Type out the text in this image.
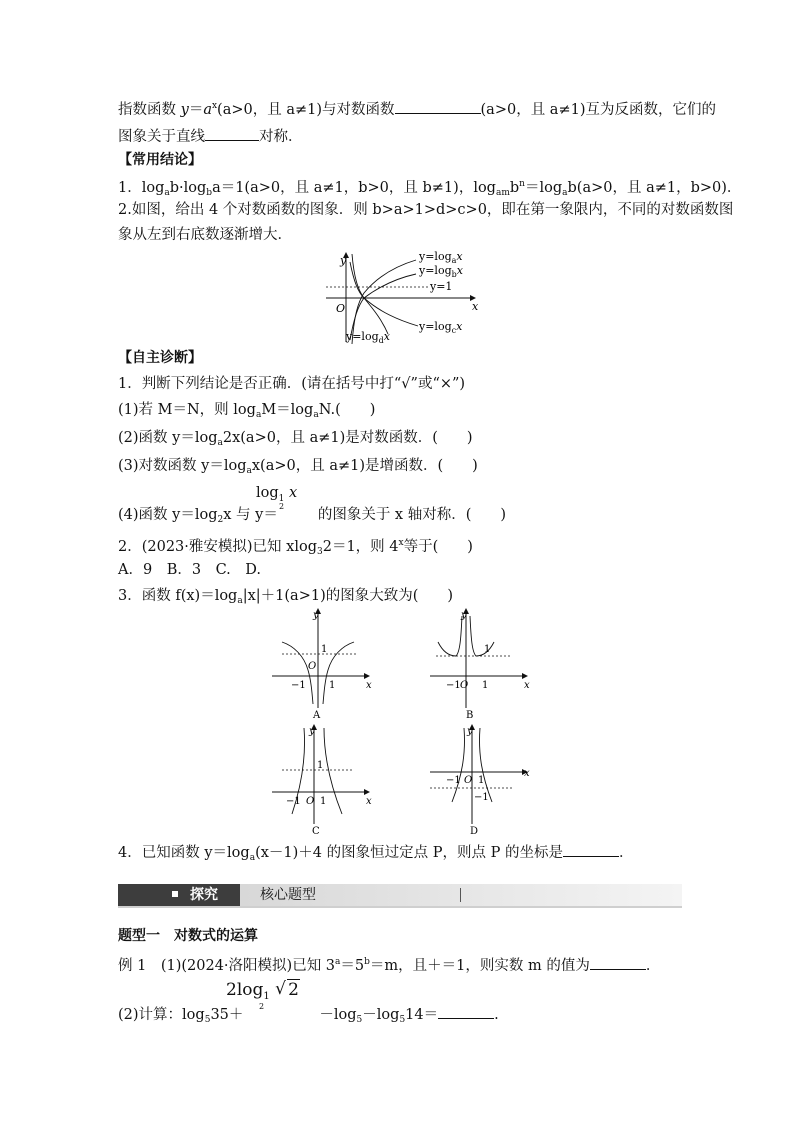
指数函数 $y=a^x(a>0$，且 a≠1)与对数函数	(a>0，且 a≠1)互为反函数，它们的
图象关于直线	对称．
【常用结论】
1．$\log_ab\cdot\log_ba=1(a>0$，且 a≠1，b>0，且 b≠1)，$\log_{am}b^n=\log_ab(a>0$，且 a≠1，b>0)．
2.如图，给出 4 个对数函数的图象．则 b>a>1>d>c>0，即在第一象限内，不同的对数函数图
象从左到右底数逐渐增大．
y
x
O
$y=\log_ax$
$y=\log_bx$
y=1
$y=\log_cx$
$y=\log_dx$
【自主诊断】
1．判断下列结论是否正确．(请在括号中打“√”或“×”)
(1)若 M＝N，则 $\log_aM=\log_aN$.(　　)
(2)函数 $y=\log_a2x(a>0$，且 a≠1)是对数函数．(　　)
(3)对数函数 $y=\log_ax(a>0$，且 a≠1)是增函数．(　　)
$\log_1 x$
2
(4)函数 $y=\log_2x$ 与 y＝	的图象关于 x 轴对称．(　　)
2．(2023·雅安模拟)已知 xlog$_3$2＝1，则 4$^x$等于(　　)
A．9　B．3　C.　D.
3．函数 $f(x)=\log_a|x|+1(a>1)$的图象大致为(　　)
y
x
1
O
−1 1
A
y
x
1
O
−1 1
B
y
x
1
O
−1 1
C
y
x
−1
O
−1 1
D
4．已知函数 $y=\log_a(x-1)+4$ 的图象恒过定点 P，则点 P 的坐标是	．
探究	核心题型
题型一　对数式的运算
例 1　(1)(2024·洛阳模拟)已知 $3^a=5^b=m$，且＋＝1，则实数 m 的值为	．
$2\log_1$ √ 2
2
(2)计算：$\log_535+$	$-\log_5-\log_514=$	.
